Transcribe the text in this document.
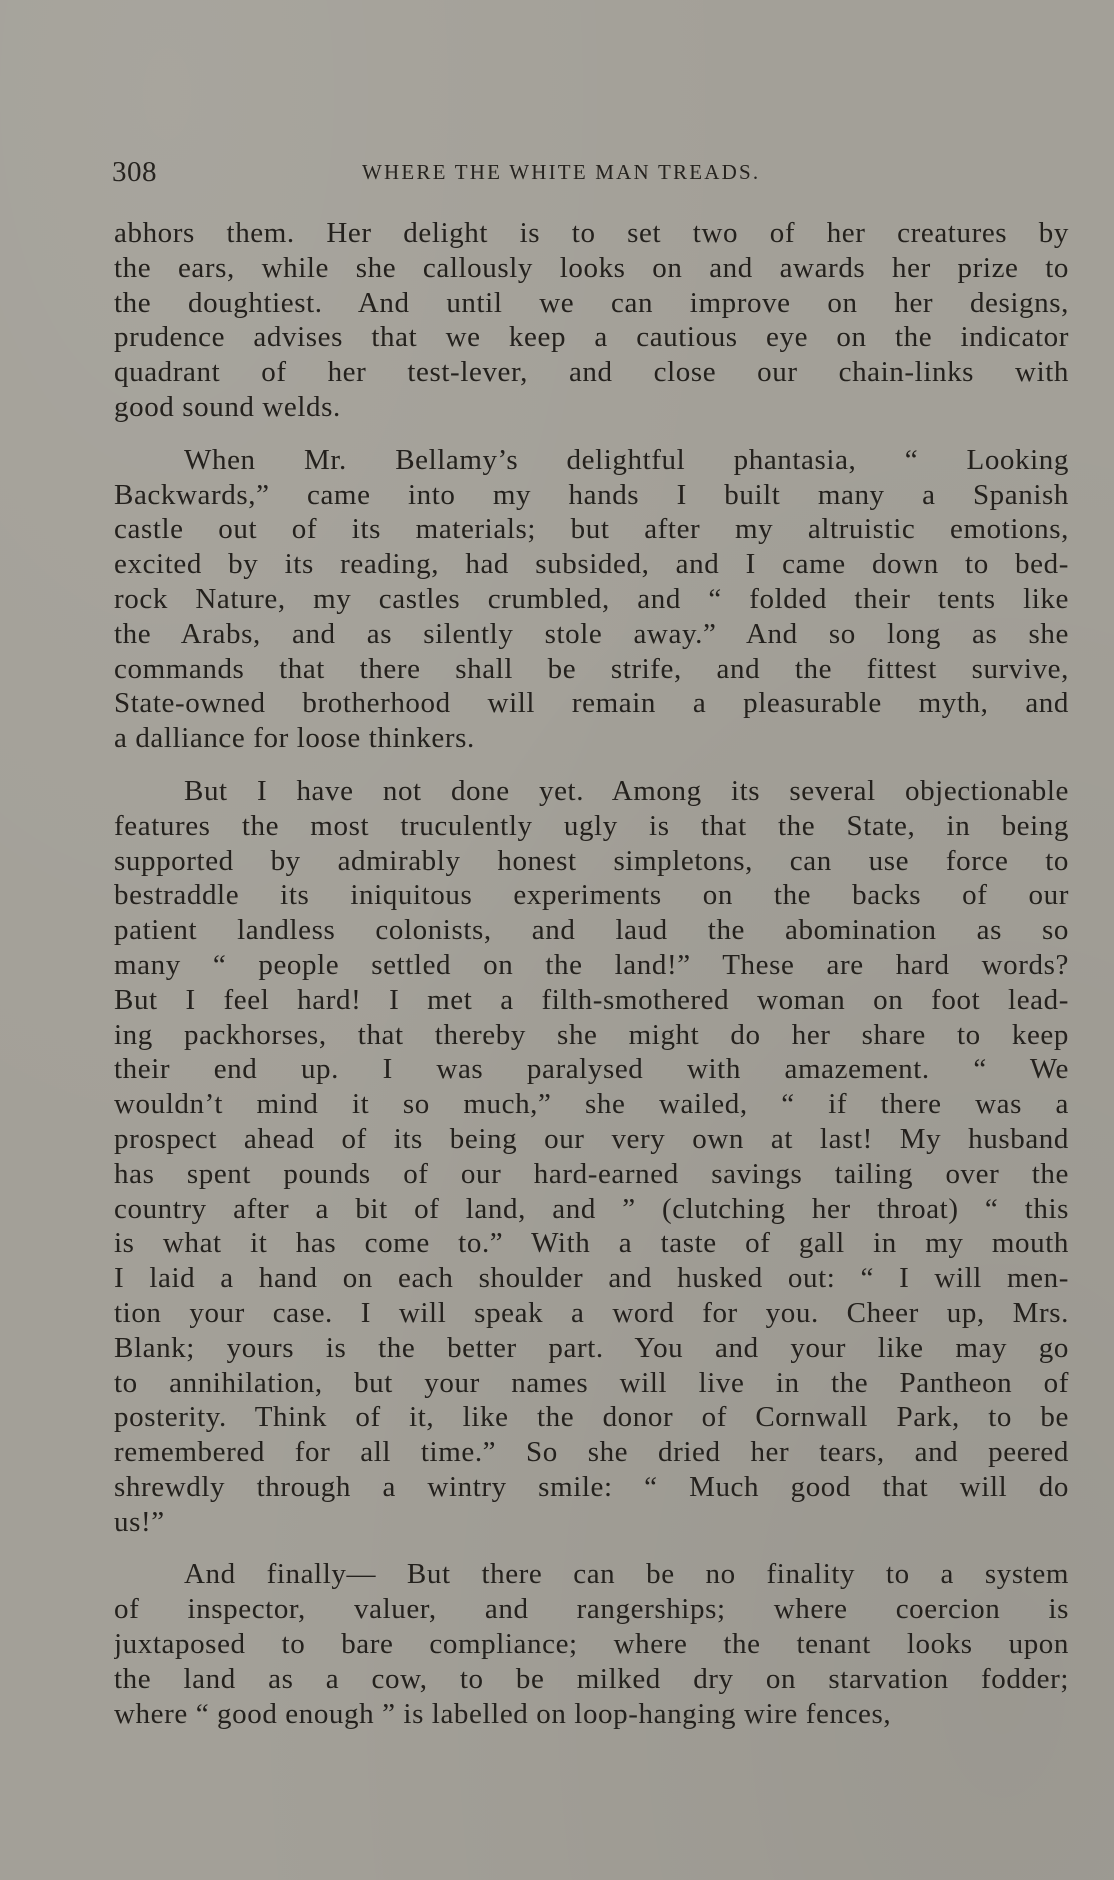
308	WHERE THE WHITE MAN TREADS.
abhors them. Her delight is to set two of her creatures by
the ears, while she callously looks on and awards her prize to
the doughtiest. And until we can improve on her designs,
prudence advises that we keep a cautious eye on the indicator
quadrant of her test-lever, and close our chain-links with
good sound welds.
When Mr. Bellamy’s delightful phantasia, “ Looking
Backwards,” came into my hands I built many a Spanish
castle out of its materials; but after my altruistic emotions,
excited by its reading, had subsided, and I came down to bed-
rock Nature, my castles crumbled, and “ folded their tents like
the Arabs, and as silently stole away.” And so long as she
commands that there shall be strife, and the fittest survive,
State-owned brotherhood will remain a pleasurable myth, and
a dalliance for loose thinkers.
But I have not done yet. Among its several objectionable
features the most truculently ugly is that the State, in being
supported by admirably honest simpletons, can use force to
bestraddle its iniquitous experiments on the backs of our
patient landless colonists, and laud the abomination as so
many “ people settled on the land!” These are hard words?
But I feel hard! I met a filth-smothered woman on foot lead-
ing packhorses, that thereby she might do her share to keep
their end up. I was paralysed with amazement. “ We
wouldn’t mind it so much,” she wailed, “ if there was a
prospect ahead of its being our very own at last! My husband
has spent pounds of our hard-earned savings tailing over the
country after a bit of land, and ” (clutching her throat) “ this
is what it has come to.” With a taste of gall in my mouth
I laid a hand on each shoulder and husked out: “ I will men-
tion your case. I will speak a word for you. Cheer up, Mrs.
Blank; yours is the better part. You and your like may go
to annihilation, but your names will live in the Pantheon of
posterity. Think of it, like the donor of Cornwall Park, to be
remembered for all time.” So she dried her tears, and peered
shrewdly through a wintry smile: “ Much good that will do
us!”
And finally— But there can be no finality to a system
of inspector, valuer, and rangerships; where coercion is
juxtaposed to bare compliance; where the tenant looks upon
the land as a cow, to be milked dry on starvation fodder;
where “ good enough ” is labelled on loop-hanging wire fences,
